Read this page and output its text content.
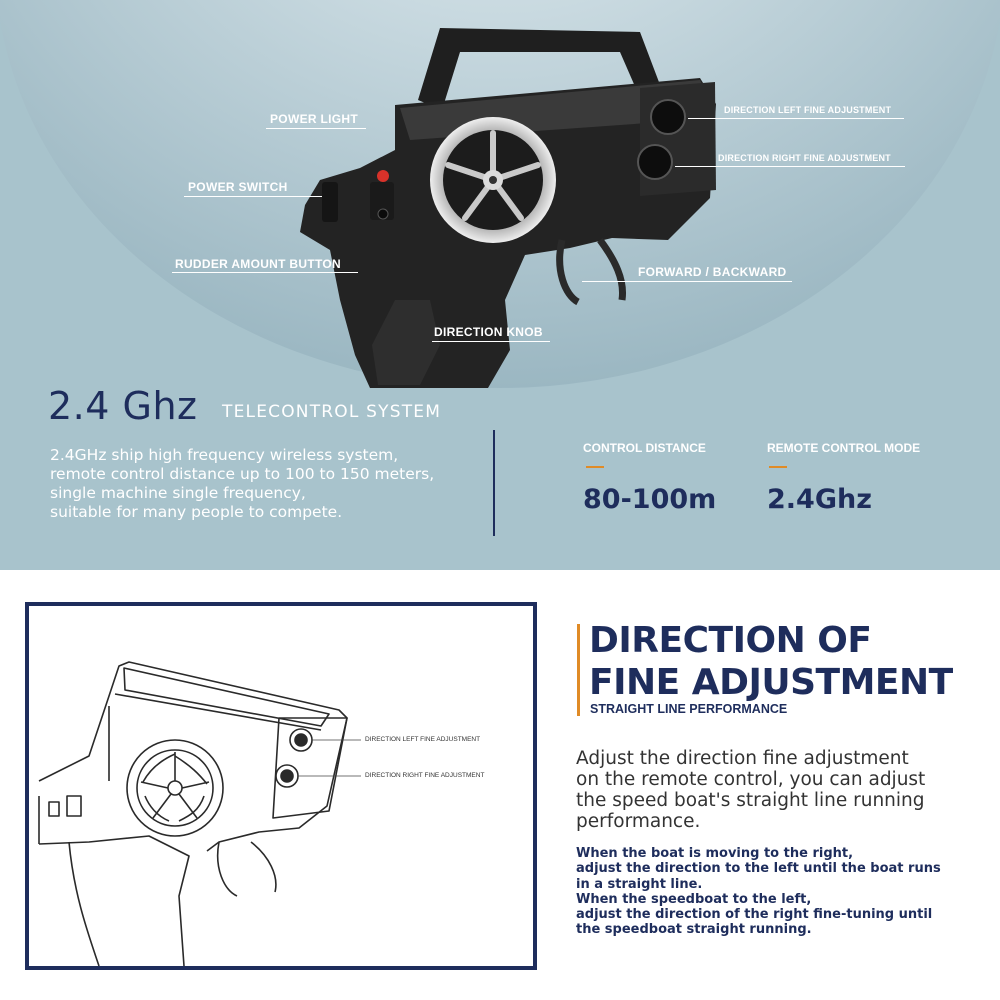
POWER LIGHT
POWER SWITCH
RUDDER AMOUNT BUTTON
DIRECTION KNOB
DIRECTION LEFT FINE ADJUSTMENT
DIRECTION RIGHT FINE ADJUSTMENT
FORWARD / BACKWARD
2.4 Ghz TELECONTROL SYSTEM
2.4GHz ship high frequency wireless system,
remote control distance up to 100 to 150 meters,
single machine single frequency,
suitable for many people to compete.
CONTROL DISTANCE
80-100m
REMOTE CONTROL MODE
2.4Ghz
DIRECTION LEFT FINE ADJUSTMENT
DIRECTION RIGHT FINE ADJUSTMENT
DIRECTION OF
FINE ADJUSTMENT
STRAIGHT LINE PERFORMANCE
Adjust the direction fine adjustment
on the remote control, you can adjust
the speed boat's straight line running
performance.
When the boat is moving to the right,
adjust the direction to the left until the boat runs
in a straight line.
When the speedboat to the left,
adjust the direction of the right fine-tuning until
the speedboat straight running.
